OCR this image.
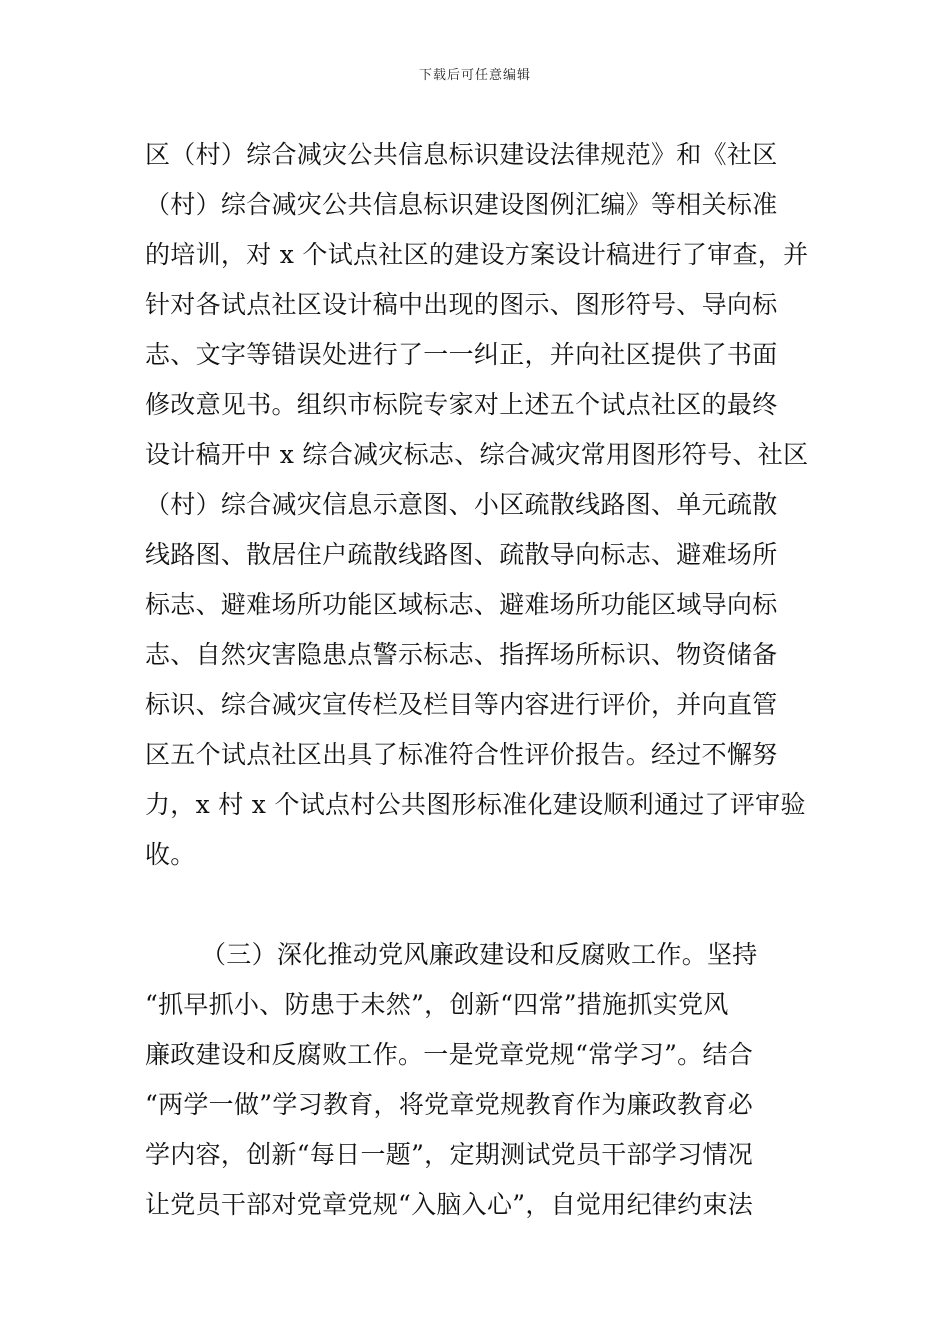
下载后可任意编辑
区（村）综合减灾公共信息标识建设法律规范》和《社区
（村）综合减灾公共信息标识建设图例汇编》等相关标准
的培训，对 x 个试点社区的建设方案设计稿进行了审查，并
针对各试点社区设计稿中出现的图示、图形符号、导向标
志、文字等错误处进行了一一纠正，并向社区提供了书面
修改意见书。组织市标院专家对上述五个试点社区的最终
设计稿开中 x 综合减灾标志、综合减灾常用图形符号、社区
（村）综合减灾信息示意图、小区疏散线路图、单元疏散
线路图、散居住户疏散线路图、疏散导向标志、避难场所
标志、避难场所功能区域标志、避难场所功能区域导向标
志、自然灾害隐患点警示标志、指挥场所标识、物资储备
标识、综合减灾宣传栏及栏目等内容进行评价，并向直管
区五个试点社区出具了标准符合性评价报告。经过不懈努
力，x 村 x 个试点村公共图形标准化建设顺利通过了评审验
收。
（三）深化推动党风廉政建设和反腐败工作。坚持
“抓早抓小、防患于未然”，创新“四常”措施抓实党风
廉政建设和反腐败工作。一是党章党规“常学习”。结合
“两学一做”学习教育，将党章党规教育作为廉政教育必
学内容，创新“每日一题”，定期测试党员干部学习情况
让党员干部对党章党规“入脑入心”，自觉用纪律约束法
